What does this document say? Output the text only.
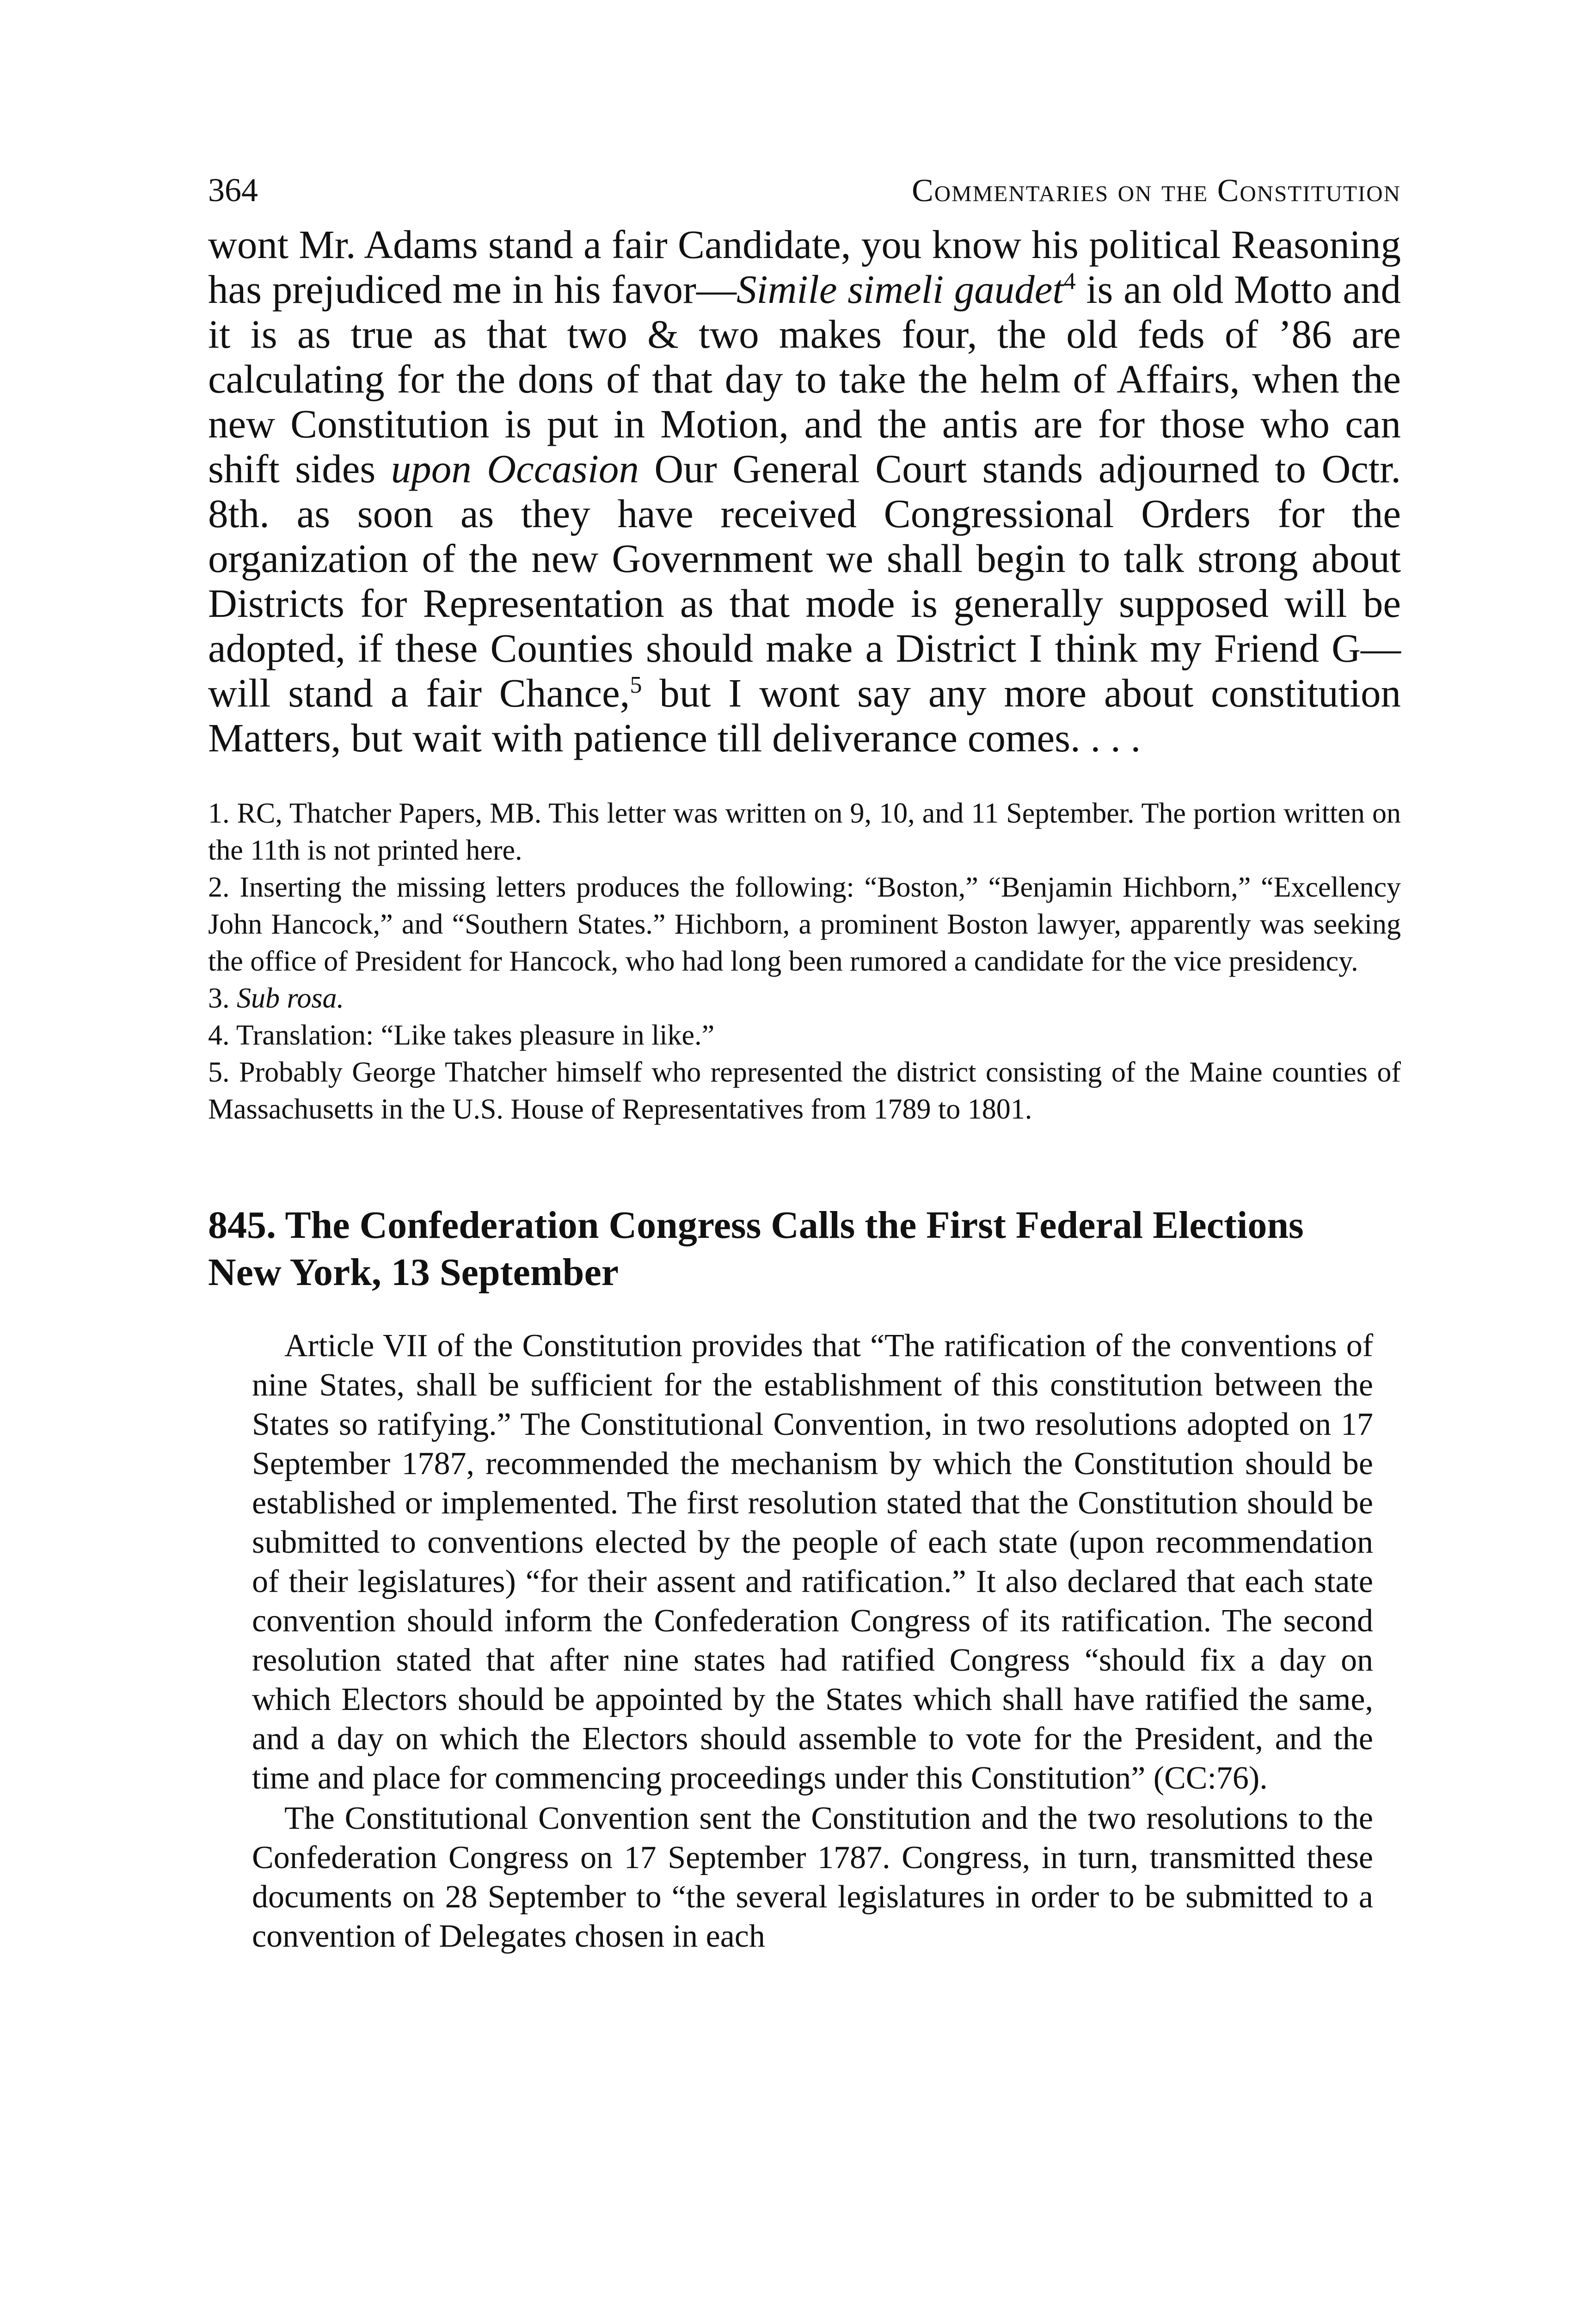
364	Commentaries on the Constitution

wont Mr. Adams stand a fair Candidate, you know his political Reasoning has prejudiced me in his favor—Simile simeli gaudet$^4$ is an old Motto and it is as true as that two & two makes four, the old feds of ’86 are calculating for the dons of that day to take the helm of Affairs, when the new Constitution is put in Motion, and the antis are for those who can shift sides upon Occasion Our General Court stands adjourned to Octr. 8th. as soon as they have received Congressional Orders for the organization of the new Government we shall begin to talk strong about Districts for Representation as that mode is generally supposed will be adopted, if these Counties should make a District I think my Friend G— will stand a fair Chance,$^5$ but I wont say any more about constitution Matters, but wait with patience till deliverance comes. . . .

1. RC, Thatcher Papers, MB. This letter was written on 9, 10, and 11 September. The portion written on the 11th is not printed here.

2. Inserting the missing letters produces the following: “Boston,” “Benjamin Hichborn,” “Excellency John Hancock,” and “Southern States.” Hichborn, a prominent Boston lawyer, apparently was seeking the office of President for Hancock, who had long been rumored a candidate for the vice presidency.

3. Sub rosa.

4. Translation: “Like takes pleasure in like.”

5. Probably George Thatcher himself who represented the district consisting of the Maine counties of Massachusetts in the U.S. House of Representatives from 1789 to 1801.

845. The Confederation Congress Calls the First Federal Elections
New York, 13 September

Article VII of the Constitution provides that “The ratification of the conventions of nine States, shall be sufficient for the establishment of this constitution between the States so ratifying.” The Constitutional Convention, in two resolutions adopted on 17 September 1787, recommended the mechanism by which the Constitution should be established or implemented. The first resolution stated that the Constitution should be submitted to conventions elected by the people of each state (upon recommendation of their legislatures) “for their assent and ratification.” It also declared that each state convention should inform the Confederation Congress of its ratification. The second resolution stated that after nine states had ratified Congress “should fix a day on which Electors should be appointed by the States which shall have ratified the same, and a day on which the Electors should assemble to vote for the President, and the time and place for commencing proceedings under this Constitution” (CC:76).

The Constitutional Convention sent the Constitution and the two resolutions to the Confederation Congress on 17 September 1787. Congress, in turn, transmitted these documents on 28 September to “the several legislatures in order to be submitted to a convention of Delegates chosen in each
